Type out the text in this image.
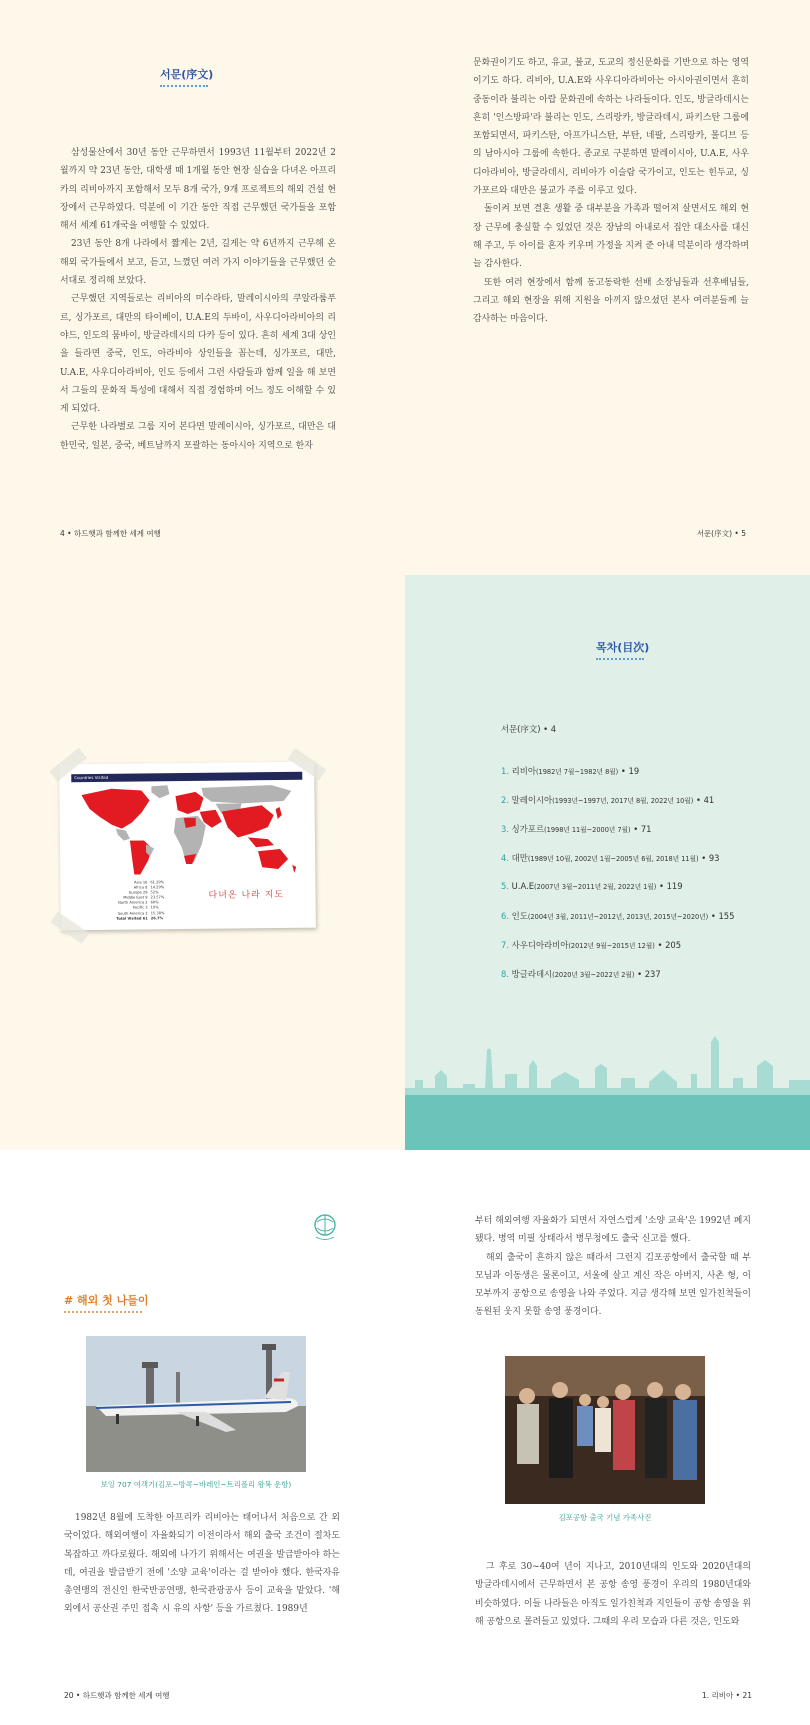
서문(序文)

삼성물산에서 30년 동안 근무하면서 1993년 11월부터 2022년 2월까지 약 23년 동안, 대학생 때 1개월 동안 현장 실습을 다녀온 아프리카의 리비아까지 포함해서 모두 8개 국가, 9개 프로젝트의 해외 건설 현장에서 근무하였다. 덕분에 이 기간 동안 직접 근무했던 국가들을 포함해서 세계 61개국을 여행할 수 있었다.

23년 동안 8개 나라에서 짧게는 2년, 길게는 약 6년까지 근무해 온 해외 국가들에서 보고, 듣고, 느꼈던 여러 가지 이야기들을 근무했던 순서대로 정리해 보았다.

근무했던 지역들로는 리비아의 미수라타, 말레이시아의 쿠알라룸푸르, 싱가포르, 대만의 타이베이, U.A.E의 두바이, 사우디아라비아의 리야드, 인도의 뭄바이, 방글라데시의 다카 등이 있다. 흔히 세계 3대 상인을 들라면 중국, 인도, 아라비아 상인들을 꼽는데, 싱가포르, 대만, U.A.E, 사우디아라비아, 인도 등에서 그런 사람들과 함께 일을 해 보면서 그들의 문화적 특성에 대해서 직접 경험하며 어느 정도 이해할 수 있게 되었다.

근무한 나라별로 그룹 지어 본다면 말레이시아, 싱가포르, 대만은 대한민국, 일본, 중국, 베트남까지 포괄하는 동아시아 지역으로 한자

4 • 하드햇과 함께한 세계 여행

문화권이기도 하고, 유교, 불교, 도교의 정신문화를 기반으로 하는 영역이기도 하다. 리비아, U.A.E와 사우디아라비아는 아시아권이면서 흔히 중동이라 불리는 아랍 문화권에 속하는 나라들이다. 인도, 방글라데시는 흔히 '인스방파'라 불리는 인도, 스리랑카, 방글라데시, 파키스탄 그룹에 포함되면서, 파키스탄, 아프가니스탄, 부탄, 네팔, 스리랑카, 몰디브 등의 남아시아 그룹에 속한다. 종교로 구분하면 말레이시아, U.A.E, 사우디아라비아, 방글라데시, 리비아가 이슬람 국가이고, 인도는 힌두교, 싱가포르와 대만은 불교가 주를 이루고 있다.

돌이켜 보면 결혼 생활 중 대부분을 가족과 떨어져 살면서도 해외 현장 근무에 충실할 수 있었던 것은 장남의 아내로서 집안 대소사를 대신해 주고, 두 아이를 혼자 키우며 가정을 지켜 준 아내 덕분이라 생각하며 늘 감사한다.

또한 여러 현장에서 함께 동고동락한 선배 소장님들과 선후배님들, 그리고 해외 현장을 위해 지원을 아끼지 않으셨던 본사 여러분들께 늘 감사하는 마음이다.

서문(序文) • 5
Countries Visited
Asia 16 61.29%
Africa 8 14.29%
Europe 29 52%
Middle East 9 23.57%
North America 2 60%
Pacific 2 10%
South America 2 15.38%
Total Visited 61 26.7%
다녀온 나라 지도
목차(目次)
서문(序文) • 4
1. 리비아(1982년 7월~1982년 8월) • 19
2. 말레이시아(1993년~1997년, 2017년 8월, 2022년 10월) • 41
3. 싱가포르(1998년 11월~2000년 7월) • 71
4. 대만(1989년 10월, 2002년 1월~2005년 6월, 2018년 11월) • 93
5. U.A.E(2007년 3월~2011년 2월, 2022년 1월) • 119
6. 인도(2004년 3월, 2011년~2012년, 2013년, 2015년~2020년) • 155
7. 사우디아라비아(2012년 9월~2015년 12월) • 205
8. 방글라데시(2020년 3월~2022년 2월) • 237
# 해외 첫 나들이
보잉 707 여객기(김포~방콕~바레인~트리폴리 왕복 운항)

1982년 8월에 도착한 아프리카 리비아는 태어나서 처음으로 간 외국이었다. 해외여행이 자율화되기 이전이라서 해외 출국 조건이 절차도 복잡하고 까다로웠다. 해외에 나가기 위해서는 여권을 발급받아야 하는데, 여권을 발급받기 전에 '소양 교육'이라는 걸 받아야 했다. 한국자유총연맹의 전신인 한국반공연맹, 한국관광공사 등이 교육을 맡았다. '해외에서 공산권 주민 접촉 시 유의 사항' 등을 가르쳤다. 1989년

20 • 하드햇과 함께한 세계 여행

부터 해외여행 자율화가 되면서 자연스럽게 '소양 교육'은 1992년 폐지됐다. 병역 미필 상태라서 병무청에도 출국 신고를 했다.

해외 출국이 흔하지 않은 때라서 그런지 김포공항에서 출국할 때 부모님과 이동생은 물론이고, 서울에 살고 계신 작은 아버지, 사촌 형, 이모부까지 공항으로 송영을 나와 주었다. 지금 생각해 보면 일가친척들이 동원된 웃지 못할 송영 풍경이다.

김포공항 출국 기념 가족사진

그 후로 30~40여 년이 지나고, 2010년대의 인도와 2020년대의 방글라데시에서 근무하면서 본 공항 송영 풍경이 우리의 1980년대와 비슷하였다. 이들 나라들은 아직도 일가친척과 지인들이 공항 송영을 위해 공항으로 몰려들고 있었다. 그때의 우리 모습과 다른 것은, 인도와

1. 리비아 • 21
